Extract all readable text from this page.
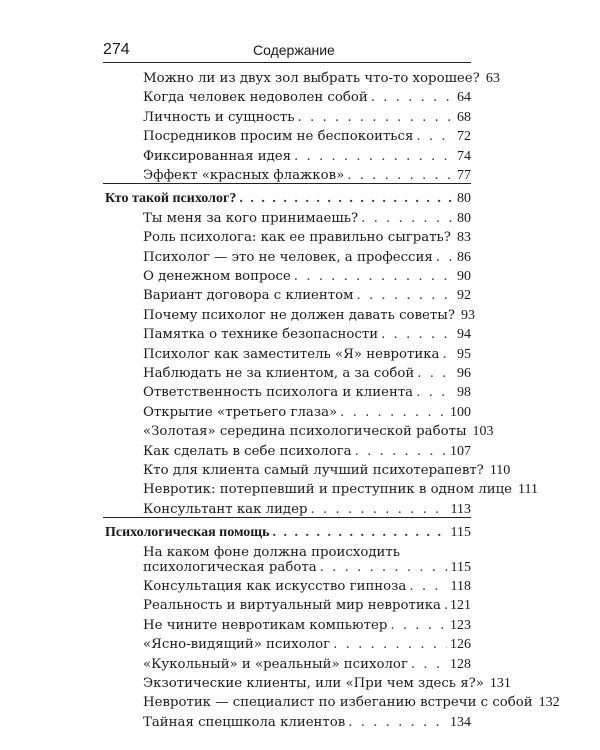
274	Содержание
Можно ли из двух зол выбрать что-то хорошее? 63
Когда человек недоволен собой . . .	64
Личность и сущность . . .	68
Посредников просим не беспокоиться . . .	72
Фиксированная идея . . .	74
Эффект «красных флажков» . . .	77
Кто такой психолог? . . .	80
Ты меня за кого принимаешь? . . .	80
Роль психолога: как ее правильно сыграть? . . . 83
Психолог — это не человек, а профессия . . . 86
О денежном вопросе . . .	90
Вариант договора с клиентом . . .	92
Почему психолог не должен давать советы? 93
Памятка о технике безопасности . . .	94
Психолог как заместитель «Я» невротика . . . 95
Наблюдать не за клиентом, а за собой . . .	96
Ответственность психолога и клиента . . .	98
Открытие «третьего глаза» . . .	100
«Золотая» середина психологической работы 103
Как сделать в себе психолога . . .	107
Кто для клиента самый лучший психотерапевт? 110
Невротик: потерпевший и преступник в одном лице 111
Консультант как лидер . . .	113
Психологическая помощь . . .	115
На каком фоне должна происходить
психологическая работа . . .	115
Консультация как искусство гипноза . . .	118
Реальность и виртуальный мир невротика . . . 121
Не чините невротикам компьютер . . .	123
«Ясно-видящий» психолог . . .	126
«Кукольный» и «реальный» психолог . . .	128
Экзотические клиенты, или «При чем здесь я?» 131
Невротик — специалист по избеганию встречи с собой 132
Тайная спецшкола клиентов . . .	134
